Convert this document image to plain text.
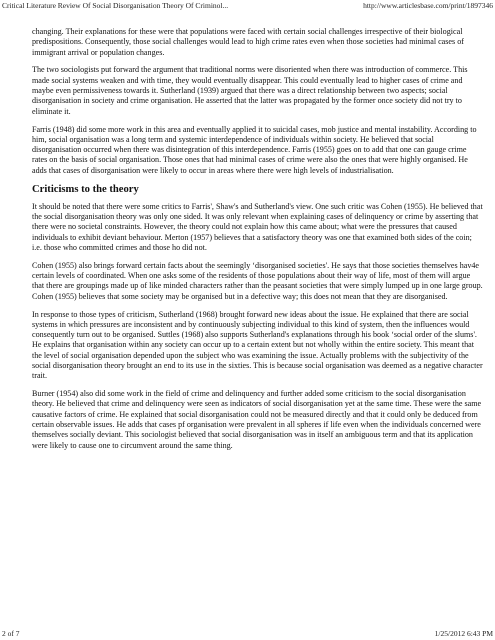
Critical Literature Review Of Social Disorganisation Theory Of Criminol...	http://www.articlesbase.com/print/1897346

changing. Their explanations for these were that populations were faced with certain social challenges irrespective of their biological predispositions. Consequently, those social challenges would lead to high crime rates even when those societies had minimal cases of immigrant arrival or population changes.

The two sociologists put forward the argument that traditional norms were disoriented when there was introduction of commerce. This made social systems weaken and with time, they would eventually disappear. This could eventually lead to higher cases of crime and maybe even permissiveness towards it. Sutherland (1939) argued that there was a direct relationship between two aspects; social disorganisation in society and crime organisation. He asserted that the latter was propagated by the former once society did not try to eliminate it.

Farris (1948) did some more work in this area and eventually applied it to suicidal cases, mob justice and mental instability. According to him, social organisation was a long term and systemic interdependence of individuals within society. He believed that social disorganisation occurred when there was disintegration of this interdependence. Farris (1955) goes on to add that one can gauge crime rates on the basis of social organisation. Those ones that had minimal cases of crime were also the ones that were highly organised. He adds that cases of disorganisation were likely to occur in areas where there were high levels of industrialisation.

Criticisms to the theory

It should be noted that there were some critics to Farris', Shaw's and Sutherland's view. One such critic was Cohen (1955). He believed that the social disorganisation theory was only one sided. It was only relevant when explaining cases of delinquency or crime by asserting that there were no societal constraints. However, the theory could not explain how this came about; what were the pressures that caused individuals to exhibit deviant behaviour. Merton (1957) believes that a satisfactory theory was one that examined both sides of the coin; i.e. those who committed crimes and those ho did not.

Cohen (1955) also brings forward certain facts about the seemingly ‘disorganised societies'. He says that those societies themselves hav4e certain levels of coordinated. When one asks some of the residents of those populations about their way of life, most of them will argue that there are groupings made up of like minded characters rather than the peasant societies that were simply lumped up in one large group. Cohen (1955) believes that some society may be organised but in a defective way; this does not mean that they are disorganised.

In response to those types of criticism, Sutherland (1968) brought forward new ideas about the issue. He explained that there are social systems in which pressures are inconsistent and by continuously subjecting individual to this kind of system, then the influences would consequently turn out to be organised. Suttles (1968) also supports Sutherland's explanations through his book ‘social order of the slums'. He explains that organisation within any society can occur up to a certain extent but not wholly within the entire society. This meant that the level of social organisation depended upon the subject who was examining the issue. Actually problems with the subjectivity of the social disorganisation theory brought an end to its use in the sixties. This is because social organisation was deemed as a negative character trait.

Burner (1954) also did some work in the field of crime and delinquency and further added some criticism to the social disorganisation theory. He believed that crime and delinquency were seen as indicators of social disorganisation yet at the same time. These were the same causative factors of crime. He explained that social disorganisation could not be measured directly and that it could only be deduced from certain observable issues. He adds that cases pf organisation were prevalent in all spheres if life even when the individuals concerned were themselves socially deviant. This sociologist believed that social disorganisation was in itself an ambiguous term and that its application were likely to cause one to circumvent around the same thing.

2 of 7	1/25/2012 6:43 PM
